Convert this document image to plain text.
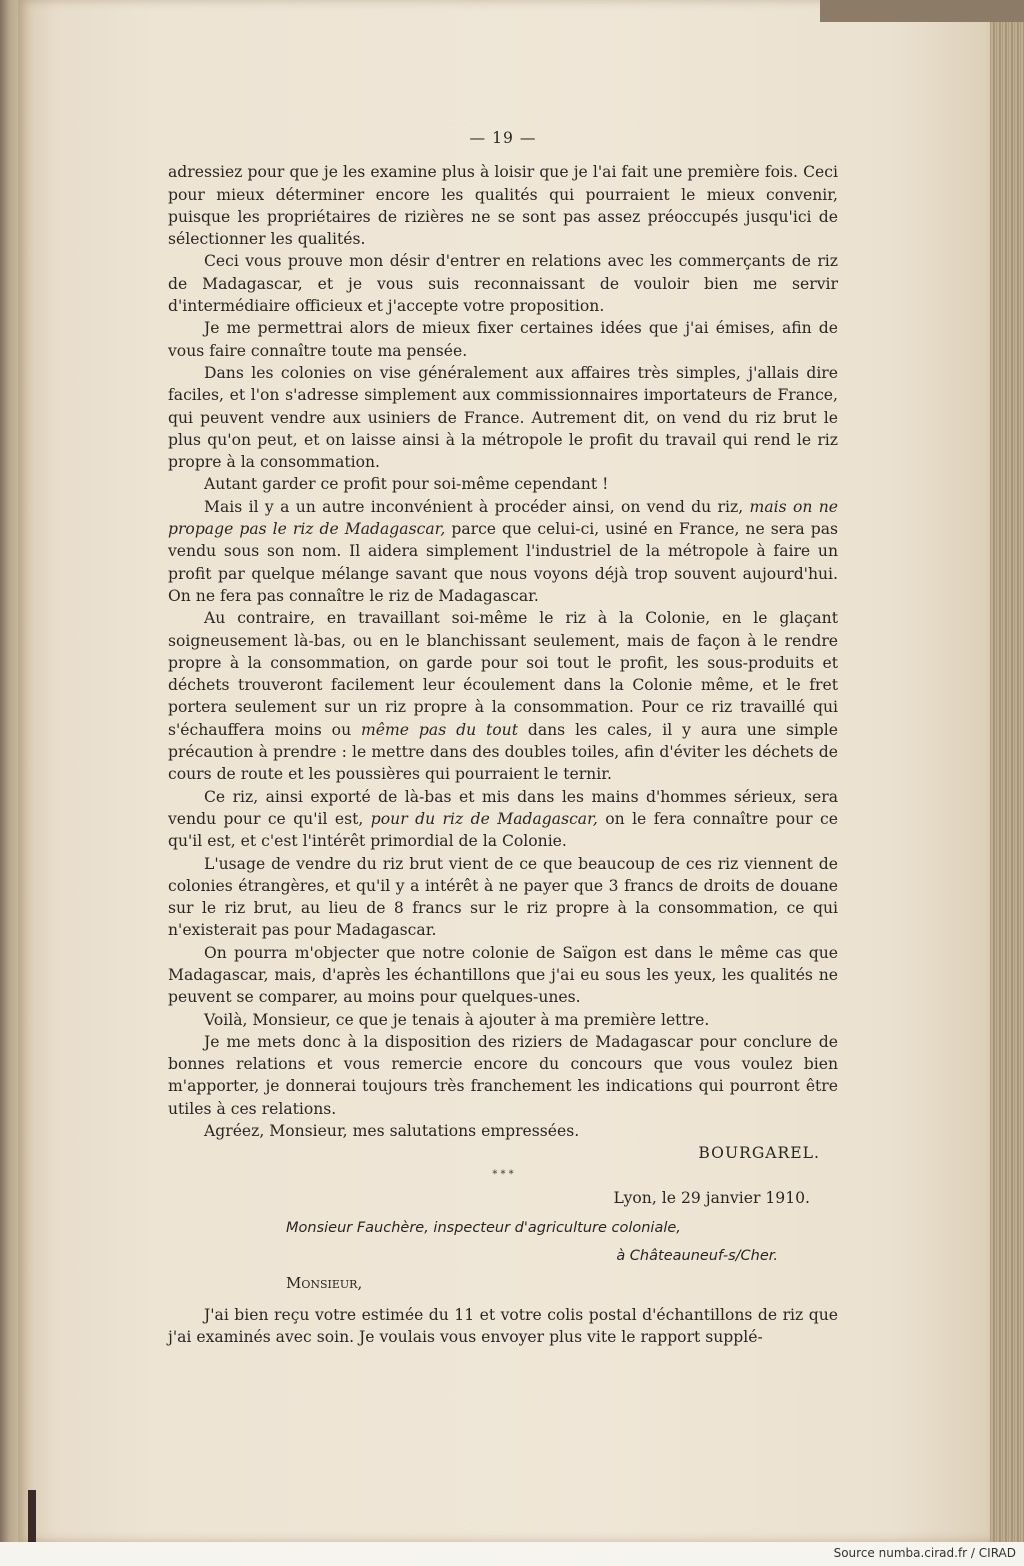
— 19 —

adressiez pour que je les examine plus à loisir que je l'ai fait une première fois. Ceci pour mieux déterminer encore les qualités qui pourraient le mieux convenir, puisque les propriétaires de rizières ne se sont pas assez préoccupés jusqu'ici de sélectionner les qualités.

Ceci vous prouve mon désir d'entrer en relations avec les commerçants de riz de Madagascar, et je vous suis reconnaissant de vouloir bien me servir d'intermédiaire officieux et j'accepte votre proposition.

Je me permettrai alors de mieux fixer certaines idées que j'ai émises, afin de vous faire connaître toute ma pensée.

Dans les colonies on vise généralement aux affaires très simples, j'allais dire faciles, et l'on s'adresse simplement aux commissionnaires importateurs de France, qui peuvent vendre aux usiniers de France. Autrement dit, on vend du riz brut le plus qu'on peut, et on laisse ainsi à la métropole le profit du travail qui rend le riz propre à la consommation.

Autant garder ce profit pour soi-même cependant !

Mais il y a un autre inconvénient à procéder ainsi, on vend du riz, mais on ne propage pas le riz de Madagascar, parce que celui-ci, usiné en France, ne sera pas vendu sous son nom. Il aidera simplement l'industriel de la métropole à faire un profit par quelque mélange savant que nous voyons déjà trop souvent aujourd'hui. On ne fera pas connaître le riz de Madagascar.

Au contraire, en travaillant soi-même le riz à la Colonie, en le glaçant soigneusement là-bas, ou en le blanchissant seulement, mais de façon à le rendre propre à la consommation, on garde pour soi tout le profit, les sous-produits et déchets trouveront facilement leur écoulement dans la Colonie même, et le fret portera seulement sur un riz propre à la consommation. Pour ce riz travaillé qui s'échauffera moins ou même pas du tout dans les cales, il y aura une simple précaution à prendre : le mettre dans des doubles toiles, afin d'éviter les déchets de cours de route et les poussières qui pourraient le ternir.

Ce riz, ainsi exporté de là-bas et mis dans les mains d'hommes sérieux, sera vendu pour ce qu'il est, pour du riz de Madagascar, on le fera connaître pour ce qu'il est, et c'est l'intérêt primordial de la Colonie.

L'usage de vendre du riz brut vient de ce que beaucoup de ces riz viennent de colonies étrangères, et qu'il y a intérêt à ne payer que 3 francs de droits de douane sur le riz brut, au lieu de 8 francs sur le riz propre à la consommation, ce qui n'existerait pas pour Madagascar.

On pourra m'objecter que notre colonie de Saïgon est dans le même cas que Madagascar, mais, d'après les échantillons que j'ai eu sous les yeux, les qualités ne peuvent se comparer, au moins pour quelques-unes.

Voilà, Monsieur, ce que je tenais à ajouter à ma première lettre.

Je me mets donc à la disposition des riziers de Madagascar pour conclure de bonnes relations et vous remercie encore du concours que vous voulez bien m'apporter, je donnerai toujours très franchement les indications qui pourront être utiles à ces relations.

Agréez, Monsieur, mes salutations empressées.

BOURGAREL.

* * *

Lyon, le 29 janvier 1910.

Monsieur Fauchère, inspecteur d'agriculture coloniale,

à Châteauneuf-s/Cher.

Monsieur,

J'ai bien reçu votre estimée du 11 et votre colis postal d'échantillons de riz que j'ai examinés avec soin. Je voulais vous envoyer plus vite le rapport supplé-

Source numba.cirad.fr / CIRAD
